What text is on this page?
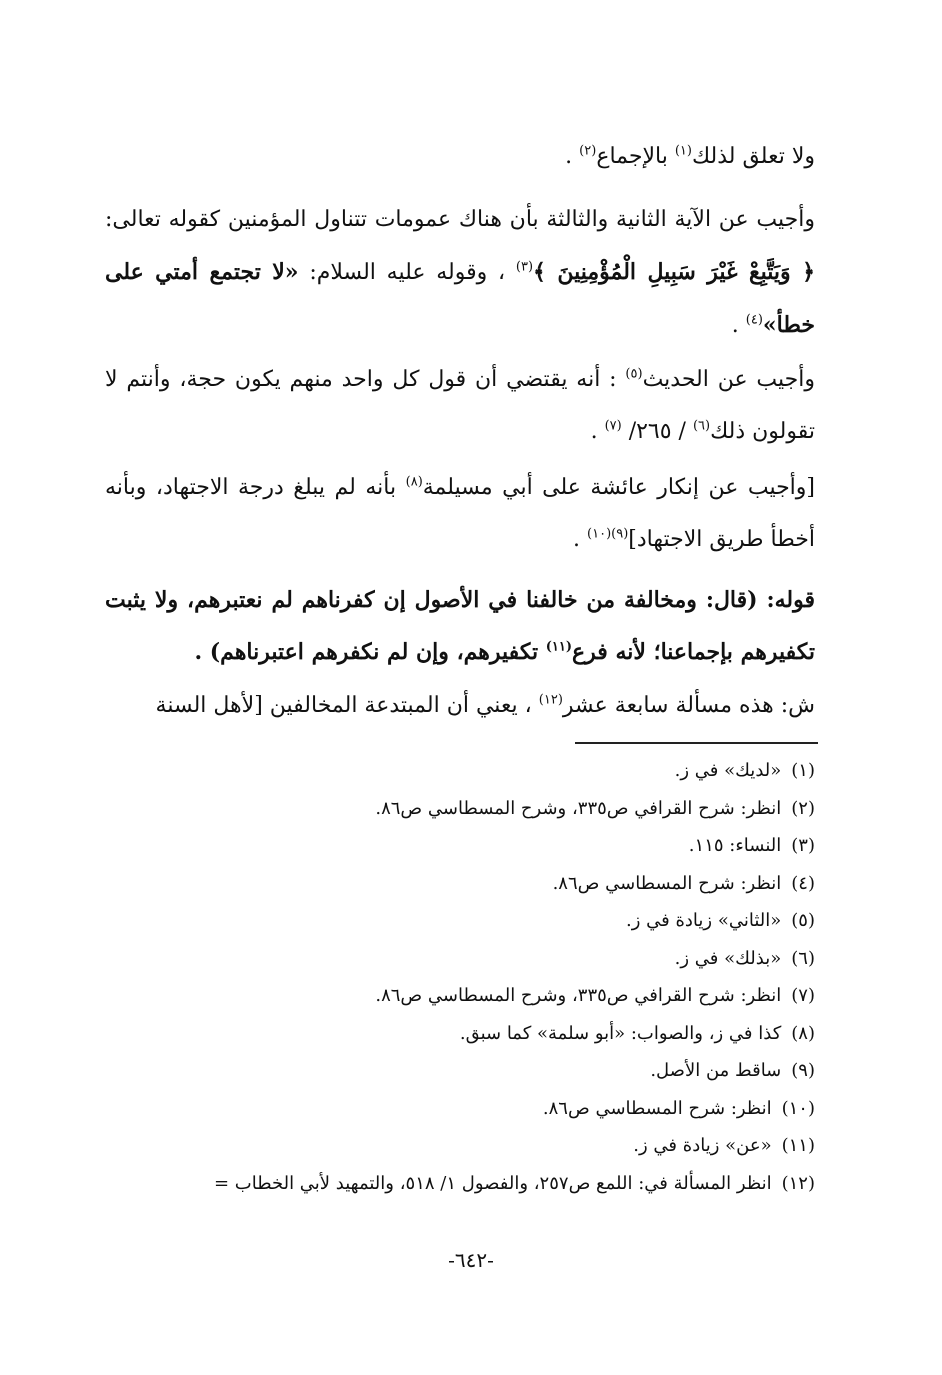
ولا تعلق لذلك$^{(١)}$ بالإجماع$^{(٢)}$ .

وأجيب عن الآية الثانية والثالثة بأن هناك عمومات تتناول المؤمنين كقوله تعالى: ﴿ وَيَتَّبِعْ غَيْرَ سَبِيلِ الْمُؤْمِنِينَ ﴾$^{(٣)}$ ، وقوله عليه السلام: «لا تجتمع أمتي على خطأ»$^{(٤)}$ .

وأجيب عن الحديث$^{(٥)}$ : أنه يقتضي أن قول كل واحد منهم يكون حجة، وأنتم لا تقولون ذلك$^{(٦)}$ / ٢٦٥/ $^{(٧)}$ .

[وأجيب عن إنكار عائشة على أبي مسيلمة$^{(٨)}$ بأنه لم يبلغ درجة الاجتهاد، وبأنه أخطأ طريق الاجتهاد]$^{(٩)(١٠)}$ .

قوله: (قال: ومخالفة من خالفنا في الأصول إن كفرناهم لم نعتبرهم، ولا يثبت تكفيرهم بإجماعنا؛ لأنه فرع$^{(١١)}$ تكفيرهم، وإن لم نكفرهم اعتبرناهم) .

ش: هذه مسألة سابعة عشر$^{(١٢)}$ ، يعني أن المبتدعة المخالفين [لأهل السنة

(١)«لديك» في ز.
(٢)انظر: شرح القرافي ص٣٣٥، وشرح المسطاسي ص٨٦.
(٣)النساء: ١١٥.
(٤)انظر: شرح المسطاسي ص٨٦.
(٥)«الثاني» زيادة في ز.
(٦)«بذلك» في ز.
(٧)انظر: شرح القرافي ص٣٣٥، وشرح المسطاسي ص٨٦.
(٨)كذا في ز، والصواب: «أبو سلمة» كما سبق.
(٩)ساقط من الأصل.
(١٠)انظر: شرح المسطاسي ص٨٦.
(١١)«عن» زيادة في ز.
(١٢)انظر المسألة في: اللمع ص٢٥٧، والفصول ١/ ٥١٨، والتمهيد لأبي الخطاب =
-٦٤٢-
